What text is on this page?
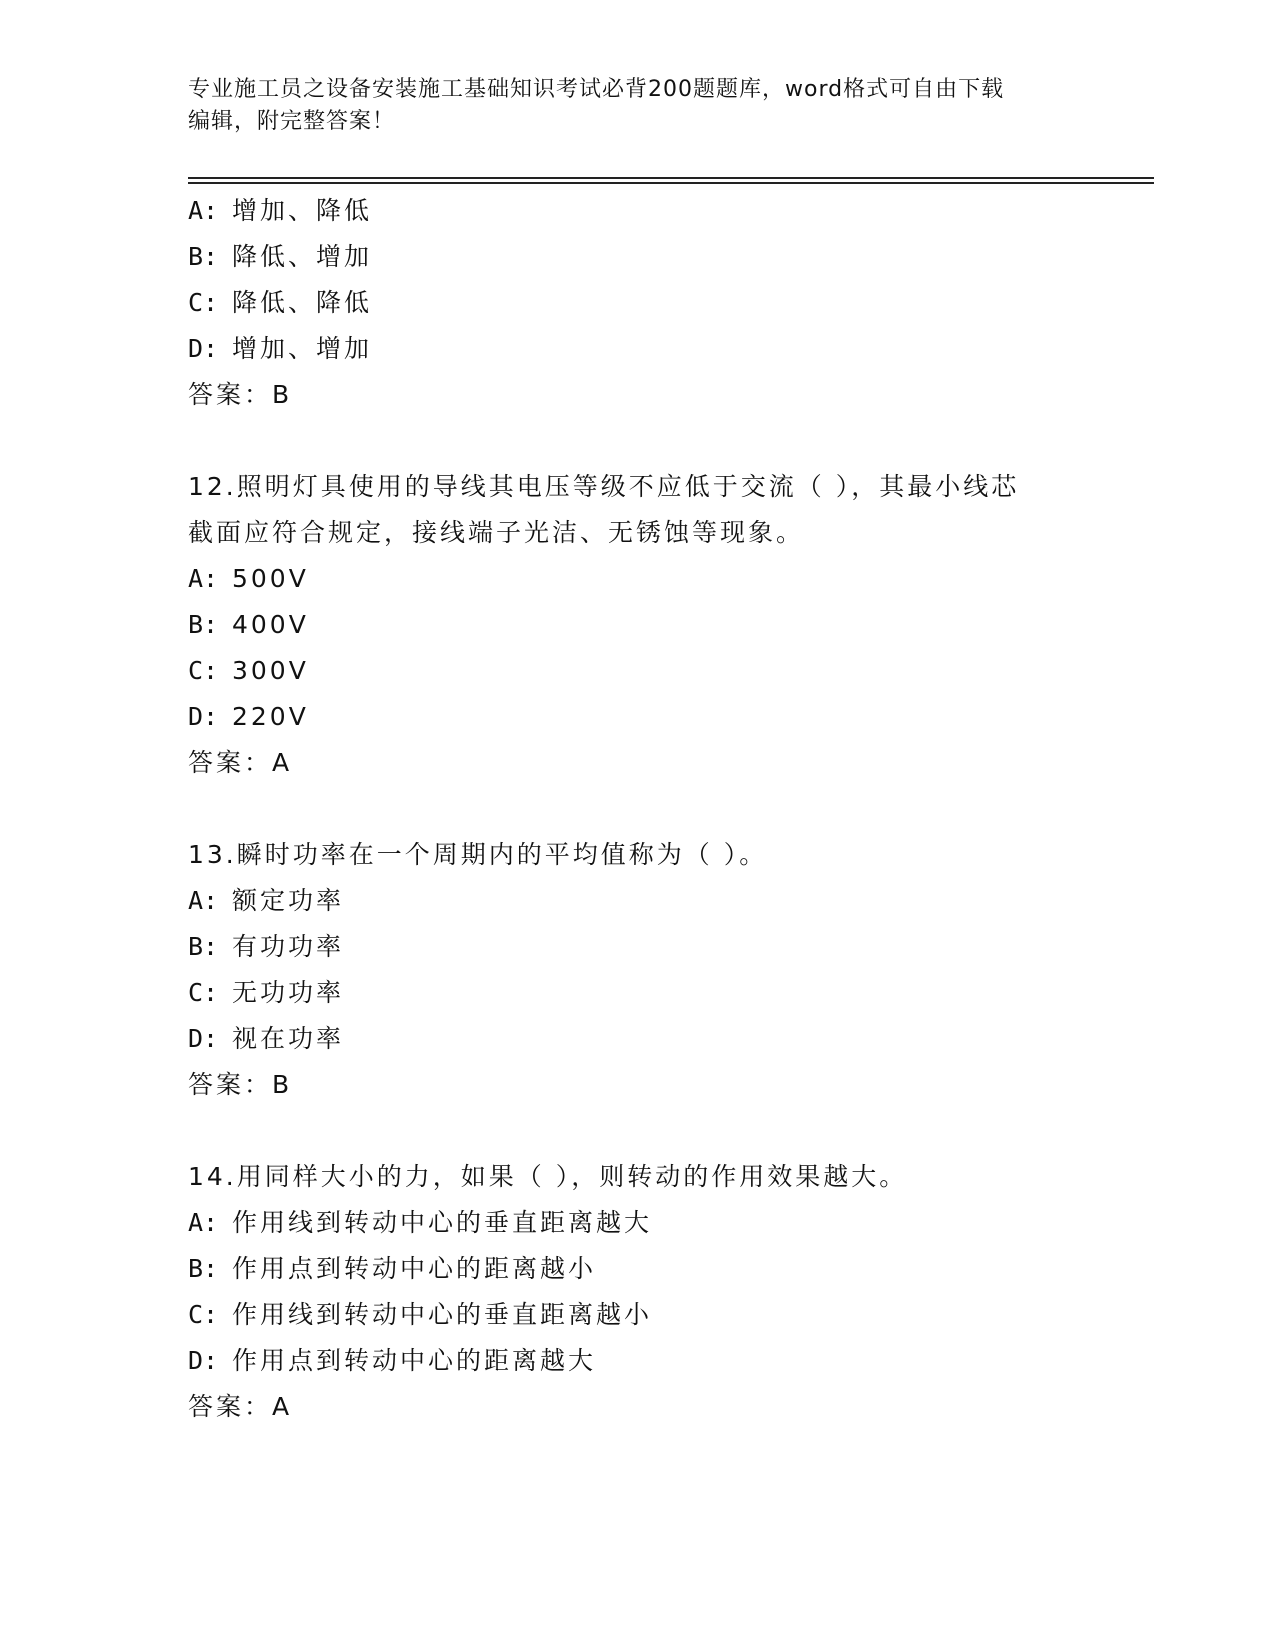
专业施工员之设备安装施工基础知识考试必背200题题库，word格式可自由下载
编辑，附完整答案！
A: 增加、降低
B: 降低、增加
C: 降低、降低
D: 增加、增加
答案：B
12.照明灯具使用的导线其电压等级不应低于交流（ ），其最小线芯
截面应符合规定，接线端子光洁、无锈蚀等现象。
A: 500V
B: 400V
C: 300V
D: 220V
答案：A
13.瞬时功率在一个周期内的平均值称为（ ）。
A: 额定功率
B: 有功功率
C: 无功功率
D: 视在功率
答案：B
14.用同样大小的力，如果（ ），则转动的作用效果越大。
A: 作用线到转动中心的垂直距离越大
B: 作用点到转动中心的距离越小
C: 作用线到转动中心的垂直距离越小
D: 作用点到转动中心的距离越大
答案：A
